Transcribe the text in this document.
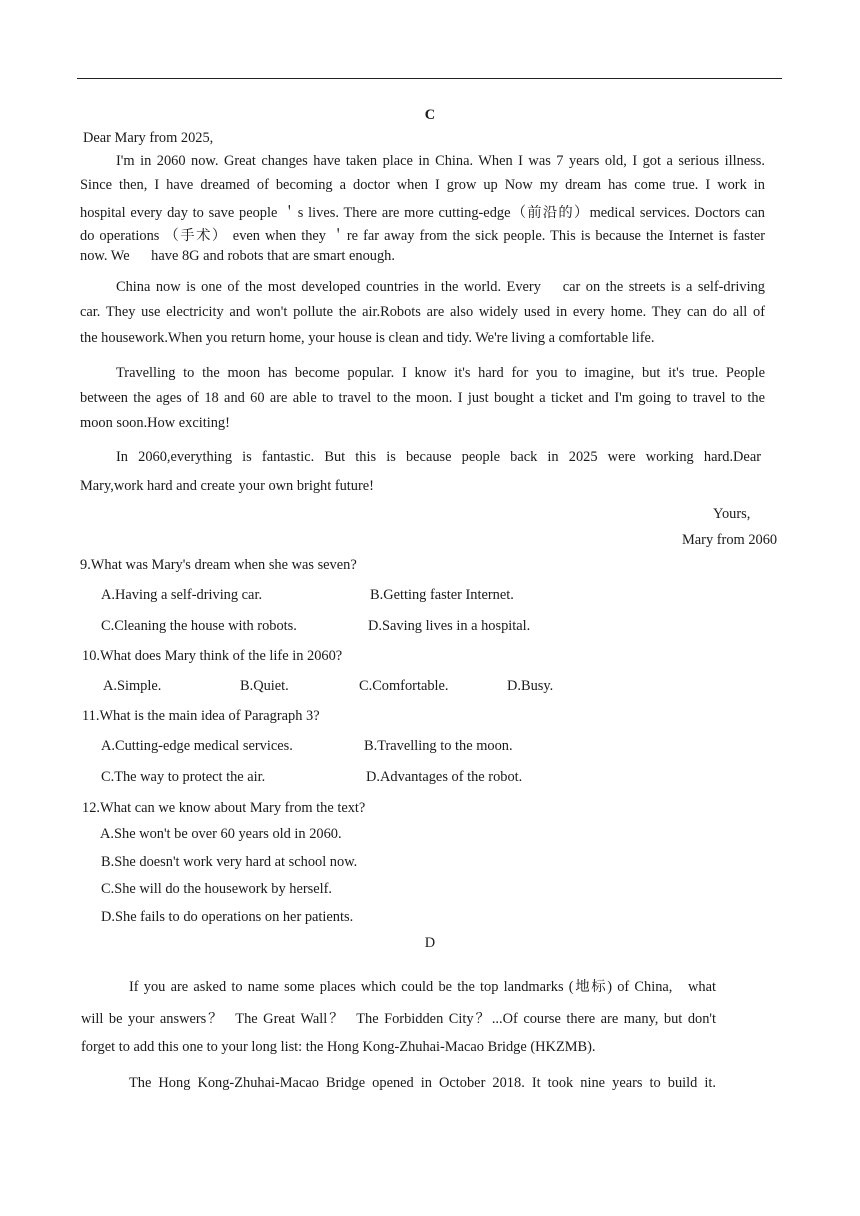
C
Dear Mary from 2025,
I'm in 2060 now. Great changes have taken place in China. When I was 7 years old, I got a serious illness.
Since then, I have dreamed of becoming a doctor when I grow up Now my dream has come true. I work in
hospital every day to save people ＇s lives. There are more cutting-edge（前沿的）medical services. Doctors can
do operations （手术） even when they ＇re far away from the sick people. This is because the Internet is faster
now. We      have 8G and robots that are smart enough.
China now is one of the most developed countries in the world. Every    car on the streets is a self-driving
car. They use electricity and won't pollute the air.Robots are also widely used in every home. They can do all of
the housework.When you return home, your house is clean and tidy. We're living a comfortable life.
Travelling to the moon has become popular. I know it's hard for you to imagine, but it's true. People
between the ages of 18 and 60 are able to travel to the moon. I just bought a ticket and I'm going to travel to the
moon soon.How exciting!
In 2060,everything is fantastic. But this is because people back in 2025 were working hard.Dear
Mary,work hard and create your own bright future!
Yours,
Mary from 2060
9.What was Mary's dream when she was seven?
A.Having a self-driving car.	B.Getting faster Internet.
C.Cleaning the house with robots.	D.Saving lives in a hospital.
10.What does Mary think of the life in 2060?
A.Simple.	B.Quiet.	C.Comfortable.	D.Busy.
11.What is the main idea of Paragraph 3?
A.Cutting-edge medical services.	B.Travelling to the moon.
C.The way to protect the air.	D.Advantages of the robot.
12.What can we know about Mary from the text?
A.She won't be over 60 years old in 2060.
B.She doesn't work very hard at school now.
C.She will do the housework by herself.
D.She fails to do operations on her patients.
D
If you are asked to name some places which could be the top landmarks (地标) of China,   what
will be your answers？  The Great Wall？  The Forbidden City？...Of course there are many, but don't
forget to add this one to your long list: the Hong Kong-Zhuhai-Macao Bridge (HKZMB).
The Hong Kong-Zhuhai-Macao Bridge opened in October 2018. It took nine years to build it.
